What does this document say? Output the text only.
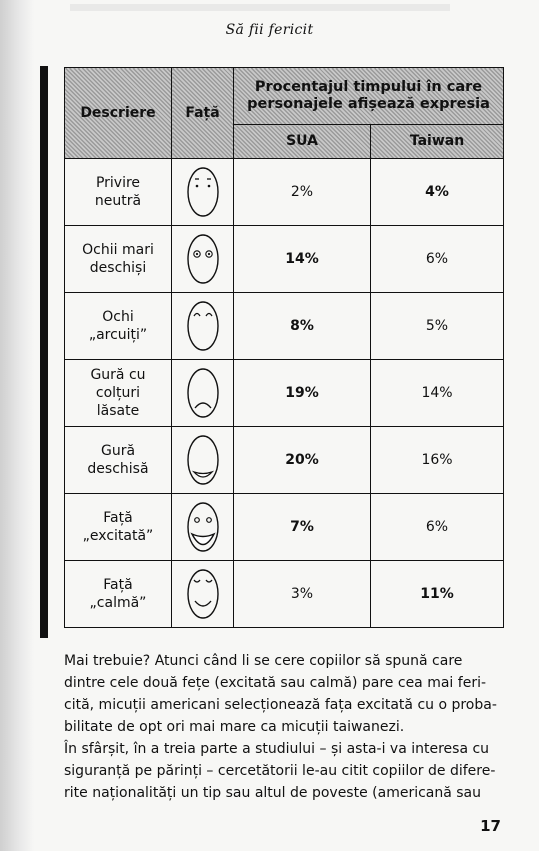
Să fii fericit
Descriere	Față	Procentajul timpului în care personajele afișează expresia	
		SUA	Taiwan

Privire
neutră		2%	4%

Ochii mari
deschiși		14%	6%

Ochi
„arcuiți”		8%	5%

Gură cu
colțuri
lăsate		19%	14%

Gură
deschisă		20%	16%

Față
„excitată”		7%	6%

Față
„calmă”		3%	11%

Mai trebuie? Atunci când li se cere copiilor să spună care

dintre cele două fețe (excitată sau calmă) pare cea mai feri-

cită, micuții americani selecționează fața excitată cu o proba-

bilitate de opt ori mai mare ca micuții taiwanezi.

În sfârșit, în a treia parte a studiului – și asta-i va interesa cu

siguranță pe părinți – cercetătorii le-au citit copiilor de difere-

rite naționalități un tip sau altul de poveste (americană sau

17
